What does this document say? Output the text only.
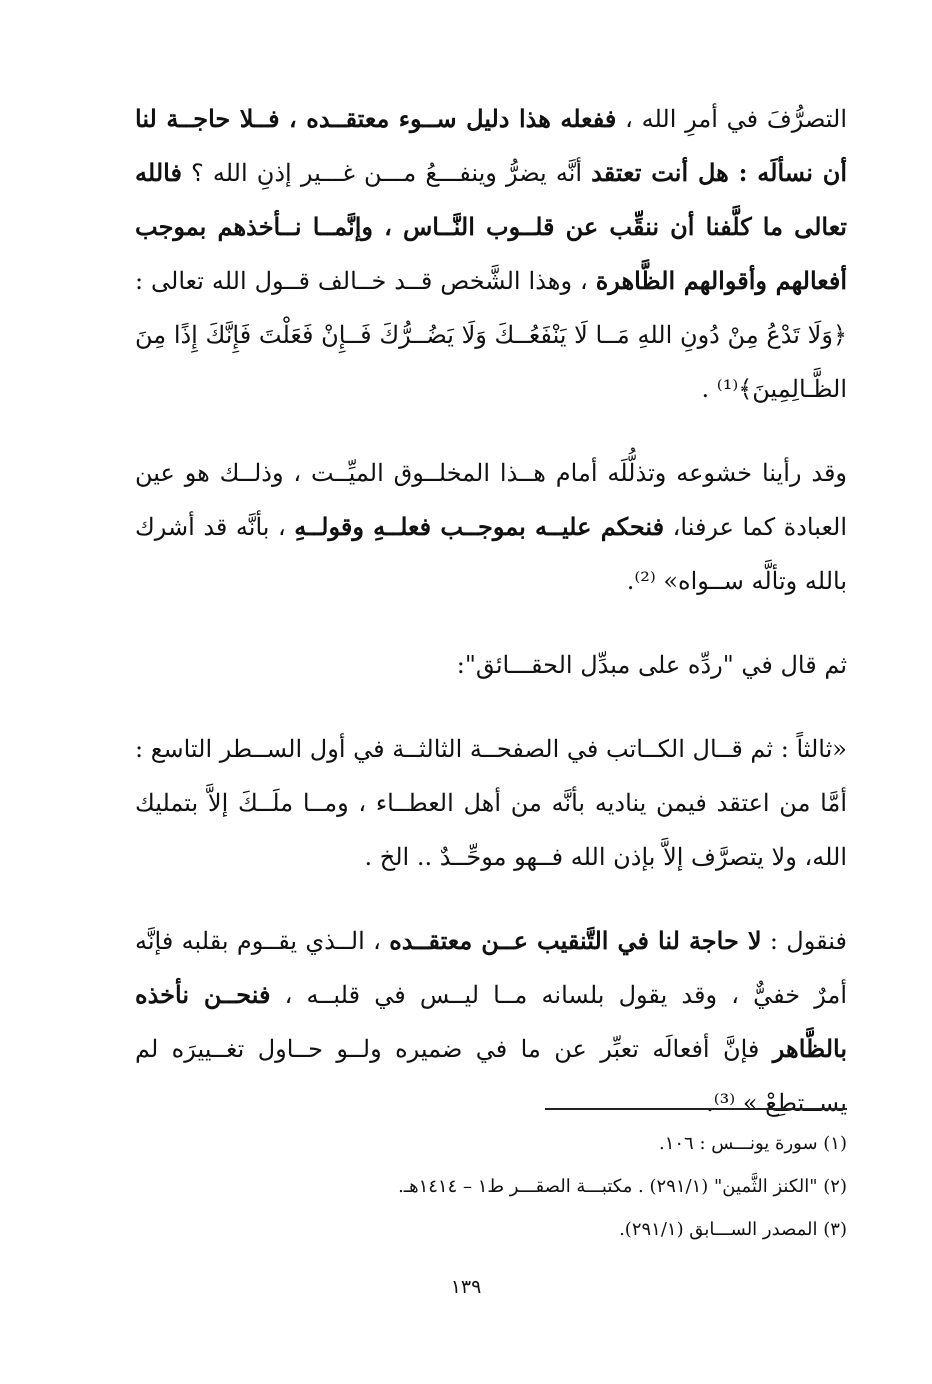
التصرُّفَ في أمرِ الله ، ففعله هذا دليل ســوء معتقــده ، فــلا حاجــة لنا أن نسألَه : هل أنت تعتقد أنَّه يضرُّ وينفـــعُ مـــن غـــير إذنِ الله ؟ فالله تعالى ما كلَّفنا أن ننقِّب عن قلــوب النَّــاس ، وإنَّمــا نــأخذهم بموجب أفعالهم وأقوالهم الظَّاهرة ، وهذا الشَّخص قــد خــالف قــول الله تعالى : ﴿وَلَا تَدْعُ مِنْ دُونِ اللهِ مَــا لَا يَنْفَعُــكَ وَلَا يَضُــرُّكَ فَــإِنْ فَعَلْتَ فَإِنَّكَ إِذًا مِنَ الظَّـالِمِينَ﴾⁽¹⁾ .

وقد رأينا خشوعه وتذلُّلَه أمام هــذا المخلــوق الميِّــت ، وذلــك هو عين العبادة كما عرفنا، فنحكم عليــه بموجــب فعلــهِ وقولــهِ ، بأنَّه قد أشرك بالله وتألَّه ســواه» ⁽²⁾.

ثم قال في "ردِّه على مبدِّل الحقـــائق":

«ثالثاً : ثم قــال الكــاتب في الصفحــة الثالثــة في أول الســطر التاسع : أمَّا من اعتقد فيمن يناديه بأنَّه من أهل العطــاء ، ومــا ملَــكَ إلاَّ بتمليك الله، ولا يتصرَّف إلاَّ بإذن الله فــهو موحِّــدٌ .. الخ .

فنقول : لا حاجة لنا في التَّنقيب عــن معتقــده ، الــذي يقــوم بقلبه فإنَّه أمرٌ خفيٌّ ، وقد يقول بلسانه مــا ليــس في قلبــه ، فنحــن نأخذه بالظَّاهر فإنَّ أفعالَه تعبِّر عن ما في ضميره ولــو حــاول تغــييرَه لم يســتطِعْ » ⁽³⁾.

(١) سورة يونـــس : ١٠٦.

(٢) "الكنز الثَّمين" (٢٩١/١) . مكتبـــة الصقـــر ط١ – ١٤١٤هـ.

(٣) المصدر الســـابق (٢٩١/١).

١٣٩
